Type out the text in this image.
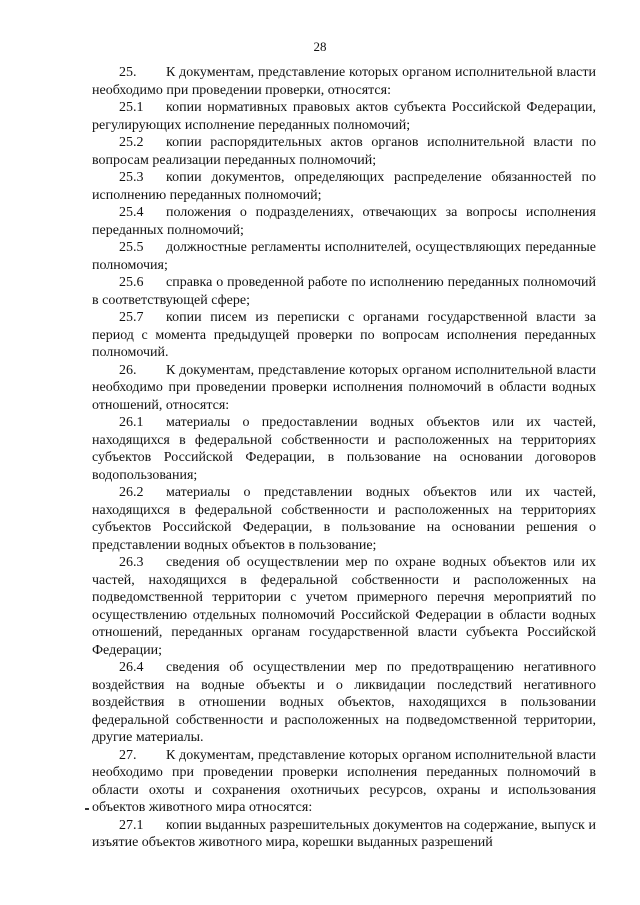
28

25. К документам, представление которых органом исполнительной власти необходимо при проведении проверки, относятся:

25.1 копии нормативных правовых актов субъекта Российской Федерации, регулирующих исполнение переданных полномочий;

25.2 копии распорядительных актов органов исполнительной власти по вопросам реализации переданных полномочий;

25.3 копии документов, определяющих распределение обязанностей по исполнению переданных полномочий;

25.4 положения о подразделениях, отвечающих за вопросы исполнения переданных полномочий;

25.5 должностные регламенты исполнителей, осуществляющих переданные полномочия;

25.6 справка о проведенной работе по исполнению переданных полномочий в соответствующей сфере;

25.7 копии писем из переписки с органами государственной власти за период с момента предыдущей проверки по вопросам исполнения переданных полномочий.

26. К документам, представление которых органом исполнительной власти необходимо при проведении проверки исполнения полномочий в области водных отношений, относятся:

26.1 материалы о предоставлении водных объектов или их частей, находящихся в федеральной собственности и расположенных на территориях субъектов Российской Федерации, в пользование на основании договоров водопользования;

26.2 материалы о представлении водных объектов или их частей, находящихся в федеральной собственности и расположенных на территориях субъектов Российской Федерации, в пользование на основании решения о представлении водных объектов в пользование;

26.3 сведения об осуществлении мер по охране водных объектов или их частей, находящихся в федеральной собственности и расположенных на подведомственной территории с учетом примерного перечня мероприятий по осуществлению отдельных полномочий Российской Федерации в области водных отношений, переданных органам государственной власти субъекта Российской Федерации;

26.4 сведения об осуществлении мер по предотвращению негативного воздействия на водные объекты и о ликвидации последствий негативного воздействия в отношении водных объектов, находящихся в пользовании федеральной собственности и расположенных на подведомственной территории, другие материалы.

27. К документам, представление которых органом исполнительной власти необходимо при проведении проверки исполнения переданных полномочий в области охоты и сохранения охотничьих ресурсов, охраны и использования объектов животного мира относятся:

27.1 копии выданных разрешительных документов на содержание, выпуск и изъятие объектов животного мира, корешки выданных разрешений
